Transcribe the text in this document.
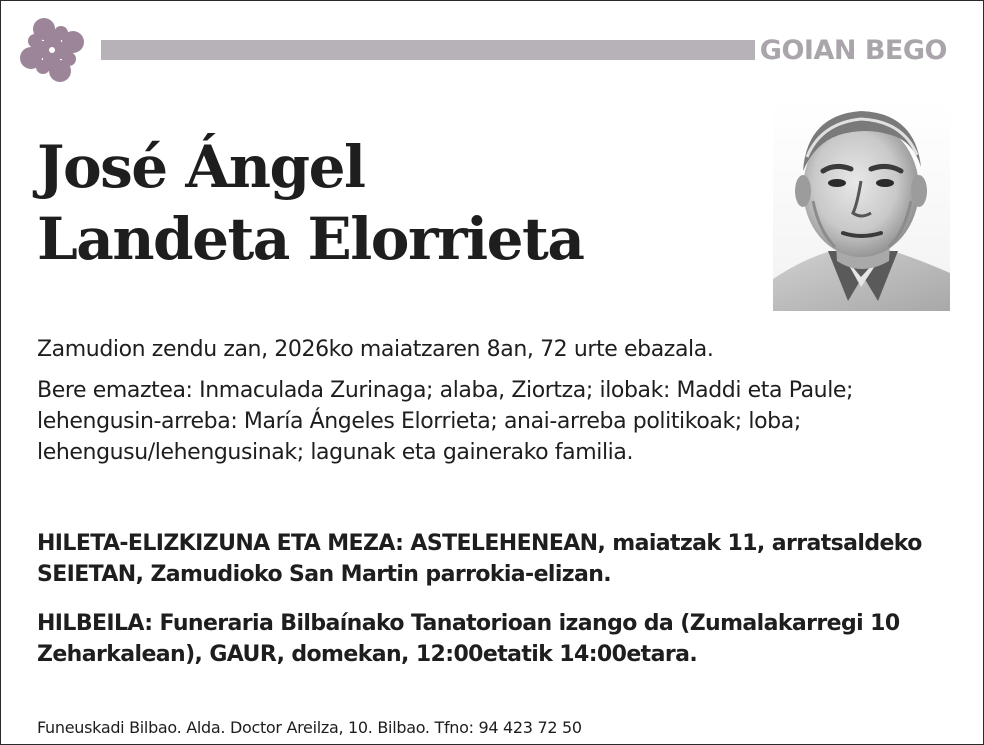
GOIAN BEGO
José Ángel
Landeta Elorrieta

Zamudion zendu zan, 2026ko maiatzaren 8an, 72 urte ebazala.

Bere emaztea: Inmaculada Zurinaga; alaba, Ziortza; ilobak: Maddi eta Paule; lehengusin-arreba: María Ángeles Elorrieta; anai-arreba politikoak; loba; lehengusu/lehengusinak; lagunak eta gainerako familia.

HILETA-ELIZKIZUNA ETA MEZA: ASTELEHENEAN, maiatzak 11, arratsaldeko SEIETAN, Zamudioko San Martin parrokia-elizan.

HILBEILA: Funeraria Bilbaínako Tanatorioan izango da (Zumalakarregi 10 Zeharkalean), GAUR, domekan, 12:00etatik 14:00etara.

Funeuskadi Bilbao. Alda. Doctor Areilza, 10. Bilbao. Tfno: 94 423 72 50
